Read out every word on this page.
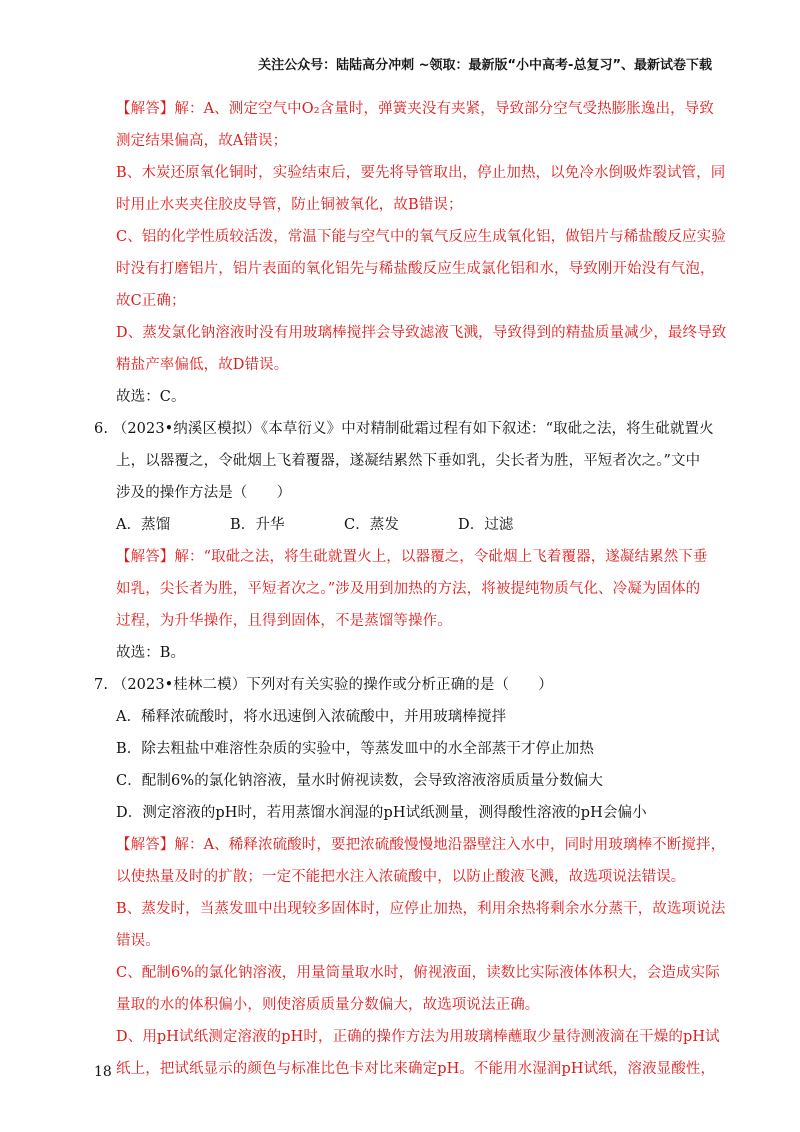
关注公众号：陆陆高分冲刺 ~领取：最新版“小中高考-总复习”、最新试卷下载
【解答】解：A、测定空气中O₂含量时，弹簧夹没有夹紧，导致部分空气受热膨胀逸出，导致
测定结果偏高，故A错误；
B、木炭还原氧化铜时，实验结束后，要先将导管取出，停止加热，以免冷水倒吸炸裂试管，同
时用止水夹夹住胶皮导管，防止铜被氧化，故B错误；
C、铝的化学性质较活泼，常温下能与空气中的氧气反应生成氧化铝，做铝片与稀盐酸反应实验
时没有打磨铝片，铝片表面的氧化铝先与稀盐酸反应生成氯化铝和水，导致刚开始没有气泡，
故C正确；
D、蒸发氯化钠溶液时没有用玻璃棒搅拌会导致滤液飞溅，导致得到的精盐质量减少，最终导致
精盐产率偏低，故D错误。
故选：C。
6. （2023•纳溪区模拟）《本草衍义》中对精制砒霜过程有如下叙述：“取砒之法，将生砒就置火
上，以器覆之，令砒烟上飞着覆器，遂凝结累然下垂如乳，尖长者为胜，平短者次之。”文中
涉及的操作方法是（　　）
A．蒸馏	B．升华	C．蒸发	D．过滤
【解答】解：“取砒之法，将生砒就置火上，以器覆之，令砒烟上飞着覆器，遂凝结累然下垂
如乳，尖长者为胜，平短者次之。”涉及用到加热的方法，将被提纯物质气化、冷凝为固体的
过程，为升华操作，且得到固体，不是蒸馏等操作。
故选：B。
7. （2023•桂林二模）下列对有关实验的操作或分析正确的是（　　）
A．稀释浓硫酸时，将水迅速倒入浓硫酸中，并用玻璃棒搅拌
B．除去粗盐中难溶性杂质的实验中，等蒸发皿中的水全部蒸干才停止加热
C．配制6%的氯化钠溶液，量水时俯视读数，会导致溶液溶质质量分数偏大
D．测定溶液的pH时，若用蒸馏水润湿的pH试纸测量，测得酸性溶液的pH会偏小
【解答】解：A、稀释浓硫酸时，要把浓硫酸慢慢地沿器壁注入水中，同时用玻璃棒不断搅拌，
以使热量及时的扩散；一定不能把水注入浓硫酸中，以防止酸液飞溅，故选项说法错误。
B、蒸发时，当蒸发皿中出现较多固体时，应停止加热，利用余热将剩余水分蒸干，故选项说法
错误。
C、配制6%的氯化钠溶液，用量筒量取水时，俯视液面，读数比实际液体体积大，会造成实际
量取的水的体积偏小，则使溶质质量分数偏大，故选项说法正确。
D、用pH试纸测定溶液的pH时，正确的操作方法为用玻璃棒蘸取少量待测液滴在干燥的pH试
纸上，把试纸显示的颜色与标准比色卡对比来确定pH。不能用水湿润pH试纸，溶液显酸性，
18
